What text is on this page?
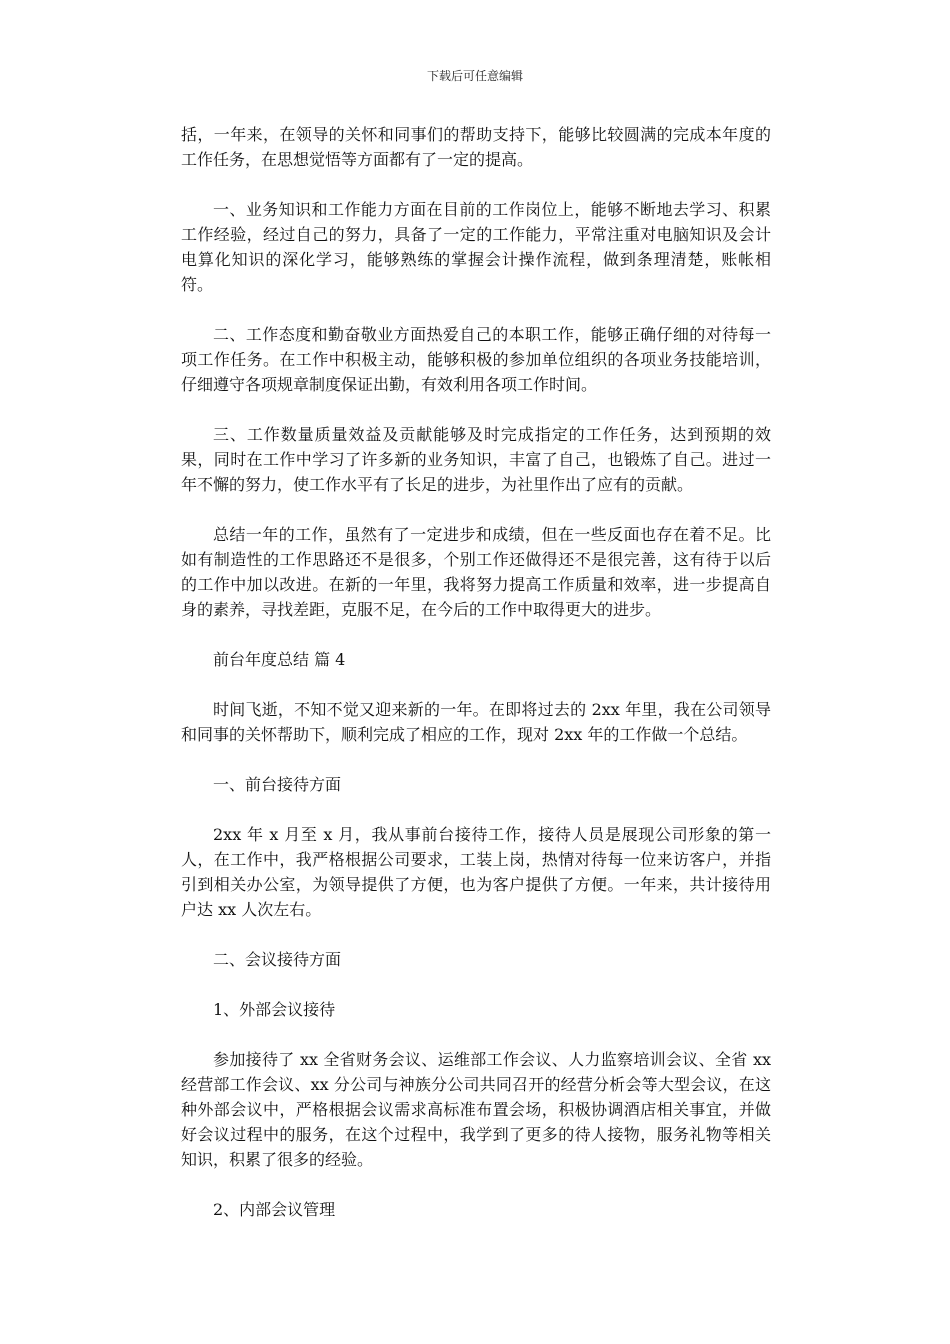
下载后可任意编辑

括，一年来，在领导的关怀和同事们的帮助支持下，能够比较圆满的完成本年度的工作任务，在思想觉悟等方面都有了一定的提高。

一、业务知识和工作能力方面在目前的工作岗位上，能够不断地去学习、积累工作经验，经过自己的努力，具备了一定的工作能力，平常注重对电脑知识及会计电算化知识的深化学习，能够熟练的掌握会计操作流程，做到条理清楚，账帐相符。

二、工作态度和勤奋敬业方面热爱自己的本职工作，能够正确仔细的对待每一项工作任务。在工作中积极主动，能够积极的参加单位组织的各项业务技能培训，仔细遵守各项规章制度保证出勤，有效利用各项工作时间。

三、工作数量质量效益及贡献能够及时完成指定的工作任务，达到预期的效果，同时在工作中学习了许多新的业务知识，丰富了自己，也锻炼了自己。进过一年不懈的努力，使工作水平有了长足的进步，为社里作出了应有的贡献。

总结一年的工作，虽然有了一定进步和成绩，但在一些反面也存在着不足。比如有制造性的工作思路还不是很多，个别工作还做得还不是很完善，这有待于以后的工作中加以改进。在新的一年里，我将努力提高工作质量和效率，进一步提高自身的素养，寻找差距，克服不足，在今后的工作中取得更大的进步。

前台年度总结 篇 4

时间飞逝，不知不觉又迎来新的一年。在即将过去的 2xx 年里，我在公司领导和同事的关怀帮助下，顺利完成了相应的工作，现对 2xx 年的工作做一个总结。

一、前台接待方面

2xx 年 x 月至 x 月，我从事前台接待工作，接待人员是展现公司形象的第一人，在工作中，我严格根据公司要求，工装上岗，热情对待每一位来访客户，并指引到相关办公室，为领导提供了方便，也为客户提供了方便。一年来，共计接待用户达 xx 人次左右。

二、会议接待方面

1、外部会议接待

参加接待了 xx 全省财务会议、运维部工作会议、人力监察培训会议、全省 xx 经营部工作会议、xx 分公司与神族分公司共同召开的经营分析会等大型会议，在这种外部会议中，严格根据会议需求高标准布置会场，积极协调酒店相关事宜，并做好会议过程中的服务，在这个过程中，我学到了更多的待人接物，服务礼物等相关知识，积累了很多的经验。

2、内部会议管理
